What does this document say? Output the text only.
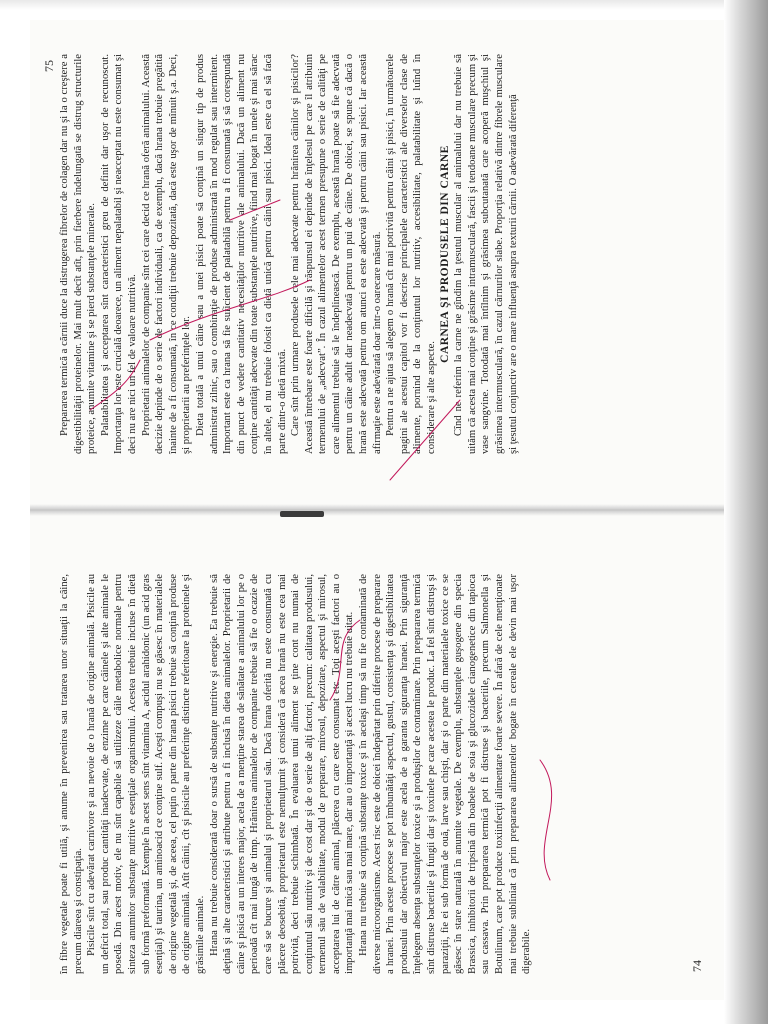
în fibre vegetale poate fi utilă, şi anume în prevenirea sau tratarea unor situaţii la câine, precum diareea şi constipaţia. Pisicile sînt cu adevărat carnivore şi au nevoie de o hrană de origine animală. Pisicile au un deficit total, sau produc cantităţi inadecvate, de enzime pe care câinele şi alte animale le posedă. Din acest motiv, ele nu sînt capabile să utilizeze căile metabolice normale pentru sinteza anumitor substanţe nutritive esenţiale organismului. Acestea trebuie incluse în dietă sub formă preformată. Exemple în acest sens sînt vitamina A, acidul arahidonic (un acid gras esenţial) şi taurina, un aminoacid ce conţine sulf. Aceşti compuşi nu se găsesc în materialele de origine vegetală şi, de aceea, cel puţin o parte din hrana pisicii trebuie să conţină produse de origine animală. Atît câinii, cît şi pisicile au preferinţe distincte referitoare la proteinele şi grăsimile animale. Hrana nu trebuie considerată doar o sursă de substanţe nutritive şi energie. Ea trebuie să deţină şi alte caracteristici şi atribute pentru a fi inclusă în dieta animalelor. Proprietarii de câine şi pisică au un interes major, acela de a menţine starea de sănătate a animalului lor pe o perioadă cît mai lungă de timp. Hrănirea animalelor de companie trebuie să fie o ocazie de care să se bucure şi animalul şi proprietarul său. Dacă hrana oferită nu este consumată cu plăcere deosebită, proprietarul este nemulţumit şi consideră că acea hrană nu este cea mai potrivită, deci trebuie schimbată. În evaluarea unui aliment se ţine cont nu numai de conţinutul său nutritiv şi de cost dar şi de o serie de alţi factori, precum: calitatea produsului, termenul său de valabilitate, modul de preparare, mirosul, depozitare, aspectul şi mirosul, acceptarea lui de către animal, plăcerea cu care este consumat etc. Toţi aceşti factori au o importanţă mai mică sau mai mare, dar au o importanţă şi acest lucru nu trebuie uitat. Hrana nu trebuie să conţină substanţe toxice şi în acelaşi timp să nu fie contaminată de diverse microorganisme. Acest risc este de obicei îndepărtat prin diferite procese de preparare a hranei. Prin aceste procese se pot îmbunătăţi aspectul, gustul, consistenţa şi digestibilitatea produsului dar obiectivul major este acela de a garanta siguranţa hranei. Prin siguranţă înţelegem absenţa substanţelor toxice şi a produşilor de contaminare. Prin prepararea termică sînt distruse bacteriile şi fungii dar şi toxinele pe care acestea le produc. La fel sînt distruşi şi paraziţii, fie ei sub formă de ouă, larve sau chişti, dar şi o parte din materialele toxice ce se găsesc în stare naturală în anumite vegetale. De exemplu, substanţele guşogene din specia Brassica, inhibitorii de tripsină din boabele de soia şi glucozidele cianogenetice din tapioca sau cassava. Prin prepararea termică pot fi distruse şi bacteriile, precum Salmonella şi Botulinum, care pot produce toxiinfecţii alimentare foarte severe. În afară de cele menţionate mai trebuie subliniat că prin prepararea alimentelor bogate în cereale ele devin mai uşor digerabile.	74
75 Prepararea termică a cărnii duce la distrugerea fibrelor de colagen dar nu şi la o creştere a digestibilităţii proteinelor. Mai mult decît atît, prin fierbere îndelungată se distrug structurile proteice, anumite vitamine şi se pierd substanţele minerale. Palatabilitatea şi acceptarea sînt caracteristici greu de definit dar uşor de recunoscut. Importanţa lor este crucială deoarece, un aliment nepalatabil şi neacceptat nu este consumat şi deci nu are nici un fel de valoare nutritivă. Proprietarii animalelor de companie sînt cei care decid ce hrană oferă animalului. Această decizie depinde de o serie de factori individuali, ca de exemplu, dacă hrana trebuie pregătită înainte de a fi consumată, în ce condiţii trebuie depozitată, dacă este uşor de mînuit ş.a. Deci, şi proprietarii au preferinţele lor. Dieta totală a unui câine sau a unei pisici poate să conţină un singur tip de produs administrat zilnic, sau o combinaţie de produse administrată în mod regulat sau intermitent. Important este ca hrana să fie suficient de palatabilă pentru a fi consumată şi să corespundă din punct de vedere cantitativ necesităţilor nutritive ale animalului. Dacă un aliment nu conţine cantităţi adecvate din toate substanţele nutritive, fiind mai bogat în unele şi mai sărac în altele, el nu trebuie folosit ca dietă unică pentru câini sau pisici. Ideal este ca el să facă parte dintr-o dietă mixtă. Care sînt prin urmare produsele cele mai adecvate pentru hrănirea câinilor şi pisicilor? Această întrebare este foarte dificilă şi răspunsul ei depinde de înţelesul pe care îl atribuim termenului de „adecvat”. În cazul alimentelor acest termen presupune o serie de calităţi pe care alimentul trebuie să le îndeplinească. De exemplu, această hrană poate să fie adecvată pentru un câine adult dar neadecvată pentru un pui de câine. De obicei, se spune că dacă o hrană este adecvată pentru om atunci ea este adecvată şi pentru câini sau pisici. Iar această afirmaţie este adevărată doar într-o oarecare măsură. Pentru a ne ajuta să alegem o hrană cît mai potrivită pentru câini şi pisici, în următoarele pagini ale acestui capitol vor fi descrise principalele caracteristici ale diverselor clase de alimente, pornind de la conţinutul lor nutritiv, accesibilitate, palatabilitate şi luînd în considerare şi alte aspecte.

CARNEA ŞI PRODUSELE DIN CARNE Cînd ne referim la carne ne gîndim la ţesutul muscular al animalului dar nu trebuie să uităm că acesta mai conţine şi grăsime intramusculară, fascii şi tendoane musculare precum şi vase sangvine. Totodată mai întîlnim şi grăsimea subcutanată care acoperă muşchiul şi grăsimea intermusculară, în cazul cărnurilor slabe. Proporţia relativă dintre fibrele musculare şi ţesutul conjunctiv are o mare influenţă asupra texturii cărnii. O adevărată diferenţă
